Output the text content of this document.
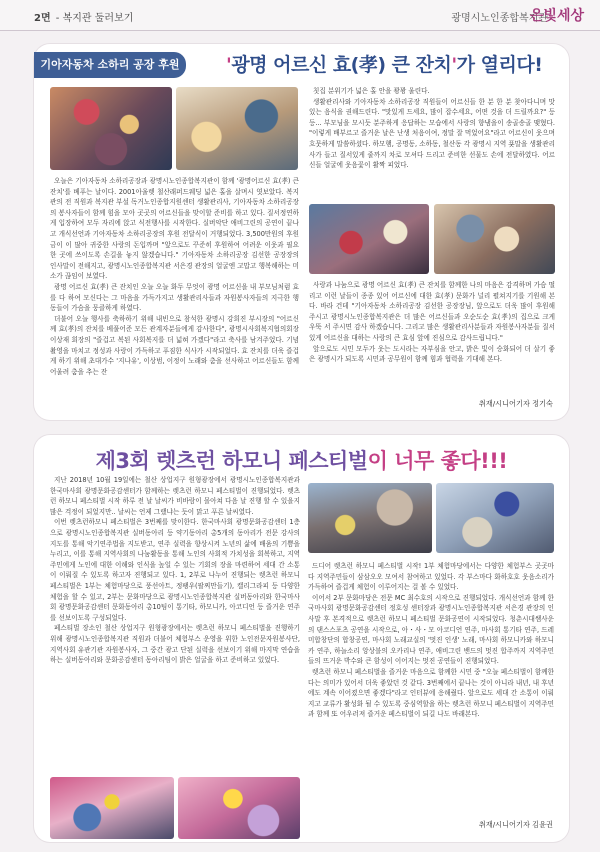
2면 - 복지관 둘러보기	광명시노인종합복지관
은빛세상
기아자동차 소하리 공장 후원	'광명 어르신 효(孝) 큰 잔치'가 열리다!

오늘은 기아자동차 소하리공장과 광명시노인종합복지관이 함께 '광명어르신 효(孝) 큰 잔치'를 베푸는 날이다. 2001아울렛 철산래퍼드웨딩 넓은 홀을 살며시 엿보았다. 복지관의 전 직원과 복지관 부설 독거노인종합지원센터 생활관리사, 기아자동차 소하리공장의 봉사자들이 함께 힘을 모아 곳곳의 어르신들을 맞이할 준비를 하고 있다. 질서정연하게 입장하여 모두 자리에 앉고 식전행사를 시작한다. 실버악단 애비그린의 공연이 끝나고 개식선언과 기아자동차 소하리공장의 후원 전달식이 거행되었다. 3,500만원의 후원금이 이 많아 귀중한 사랑의 돈입까며 "앞으로도 꾸준히 후원하여 어려운 이웃과 필요한 곳에 쓰이도록 손길을 놓지 않겠습니다." 기아자동차 소하리공장 김선한 공장장의 인사말이 전해지고, 광명시노인종합복지관 서은경 관장의 얼굴엔 고맙고 행복해하는 미소가 끊임이 보였다.

광명 어르신 효(孝) 큰 잔치인 오늘 오늘 화두 무엇이 광명 어르신을 내 부모님처럼 효를 다 하여 모신다는 그 마음을 가득가지고 생활관리사들과 자원봉사자들의 지극한 행동들이 가슴을 뭉클하게 하였다.

더불어 오늘 행사를 축하하기 위해 내빈으로 참석한 광명시 강희진 부시장의 "어르신께 효(孝)의 잔치를 베풀어준 모든 관계자분들에게 감사한다", 광명시사회복지협의회장 이상재 회장의 "즐겁고 복된 사회복지를 더 넓혀 가겠다"라고 축사를 남겨주었다. 기념 촬영을 마치고 정성과 사랑이 가득하고 푸짐한 식사가 시작되었다. 효 잔치를 더욱 즐겁게 하기 위해 초대가수 '지나유', 이상범, 이정이 노래와 춤을 선사하고 어르신들도 함께 어울려 춤을 추는 잔

칫집 분위기가 넓은 홀 안을 꽝꽝 울린다.

생활관리사와 기아자동차 소하리공장 직원들이 어르신들 한 분 한 분 찾아다니며 맛있는 음식을 권해드린다. "맛있게 드세요, 많이 잡수세요, 어떤 것을 더 드릴까요?" 등등... 부모님을 모시듯 분주하게 응답하는 모습에서 사랑의 향냄을이 송골송골 맺혔다. "이렇게 배부르고 즐거운 날은 난생 처음이여, 정말 잘 먹었어요"라고 어르신이 웃으며 흐뭇하게 말씀하셨다. 하모햄, 공명동, 소하동, 철산동 각 광명시 지역 푯말을 생활관리사가 들고 질서있게 줄까지 차로 모셔다 드리고 준비한 선물도 손에 전달하였다. 어르신들 얼굴에 웃음꽃이 활짝 피었다.

사랑과 나눔으로 광명 어르신 효(孝) 큰 잔치를 함께한 나의 마음은 감격하며 가슴 떨리고 이런 날들이 종종 있어 어르신에 대한 효(孝) 문화가 널리 펼쳐지기를 기원해 본다. 바라 건데 "기아자동차 소하리공장 김선한 공장장님, 앞으로도 더욱 많이 후원해 주시고 광명시노인종합복지관은 더 많은 어르신들과 오순도순 효(孝)의 집으로 크게 우뚝 서 주시면 감사 하겠습니다. 그리고 많은 생활관리사분들과 자원봉사자분들 질서있게 어르신을 대하는 사랑의 큰 효심 앞에 진심으로 감사드립니다."

앞으로도 시민 모두가 웃는 도시라는 자부심을 안고, 밝은 빛이 승화되어 더 살기 좋은 광명시가 되도록 시민과 공무원이 함께 힘과 협력을 기대해 본다.

취재/시니어기자 정기숙
제3회 렛츠런 하모니 페스티벌이 너무 좋다!!!

지난 2018년 10월 19일에는 철산 상업지구 원형광장에서 광명시노인종합복지관과 한국마사회 광명문화공감센터가 함께하는 렛츠런 하모니 페스티벌이 진행되었다. 렛츠런 하모니 페스티벌 시작 하루 전 날 날씨가 비바람이 몰아쳐 다음 날 진행 할 수 있을지 많은 걱정이 되었지만.. 날씨는 언제 그랬냐는 듯이 맑고 푸른 날씨였다.

이번 렛츠런하모니 페스티벌은 3번째를 맞이한다. 한국마사회 광명문화공감센터 1층으로 광명시노인종합복지관 실버동아리 등 약기동아리 총5개의 동아리가 전문 강사의 지도를 통해 악기연주법을 지도받고, 연주 실력을 향상시켜 노년의 삶에 배움의 기쁨을 누리고, 이를 통해 지역사회의 나눔활동을 통해 노인의 사회적 가치성을 회복하고, 지역주민에게 노인에 대한 이해와 인식을 높일 수 있는 기회의 장을 마련하여 세대 간 소통이 이뤄질 수 있도록 하고자 진행되고 있다. 1, 2부로 나누어 진행되는 렛츠런 하모니 페스티벌은 1부는 체험마당으로 풍선아트, 정팽우(팔찌만들기), 캘리그라피 등 다양한 체험을 할 수 있고, 2부는 문화마당으로 광명시노인종합복지관 실버동아리와 한국마사회 광명문화공감센터 문화동아리 총10팀이 통기타, 하모니카, 아코디언 등 즐거운 연주를 선보이도록 구성되었다.

페스티벌 장소인 철산 상업지구 원형광장에서는 렛츠런 하모니 페스티벌을 진행하기 위해 광명시노인종합복지관 직원과 더불어 체험부스 운영을 위한 노인전문자원봉사단, 지역사회 유관기관 자원봉사자, 그 중간 광고 단된 실력을 선보이기 위해 마지막 연습을 하는 실버동아리와 문화공감센터 동아리팀이 밝은 얼굴을 하고 준비하고 있었다.

드디어 렛츠런 하모니 페스티벌 시작! 1부 체험마당에서는 다양한 체험부스 곳곳마다 지역주민들이 삼삼오오 모여서 참여하고 있었다. 각 부스마다 화하호호 웃음소리가 가득하여 즐겁게 체험이 이루어지는 걸 볼 수 있었다.

이어서 2부 문화마당은 전문 MC 최수호의 시작으로 진행되었다. 개식선언과 함께 한국마사회 광명문화공감센터 정호성 센터장과 광명시노인종합복지관 서은경 관장의 인사말 후 본격적으로 렛츠런 하모니 페스티벌 문화공연이 시작되었다. 청춘시대쌤사운의 댄스스포츠 공연을 시작으로, 아・사・모 아코디언 연주, 마사회 통기타 연주, 드레미합창단의 합창공연, 마사회 노래교실의 '멋진 인생' 노래, 마사회 하모니카와 하모니카 연주, 하늘소리 앙상블의 오카리나 연주, 애비그린 밴드의 멋진 합주까지 지역주민들의 뜨거운 박수와 큰 함성이 이어지는 멋진 공연들이 진행되었다.

렛츠런 하모니 페스티벌을 즐거운 마음으로 함께한 시민 중 "오늘 페스티벌이 함께한다는 의미가 있어서 더욱 좋았던 것 같다. 3번째에서 끝나는 것이 아니라 내년, 내 후년에도 계속 이어졌으면 좋겠다"라고 인터뷰에 응해줬다. 앞으로도 세대 간 소통이 이뤄지고 교류가 활성화 될 수 있도록 중심역할을 하는 렛츠런 하모니 페스티벌이 지역주민과 함께 또 어우러져 즐거운 페스티벌이 되길 나도 바래본다.

취재/시니어기자 김윤권
